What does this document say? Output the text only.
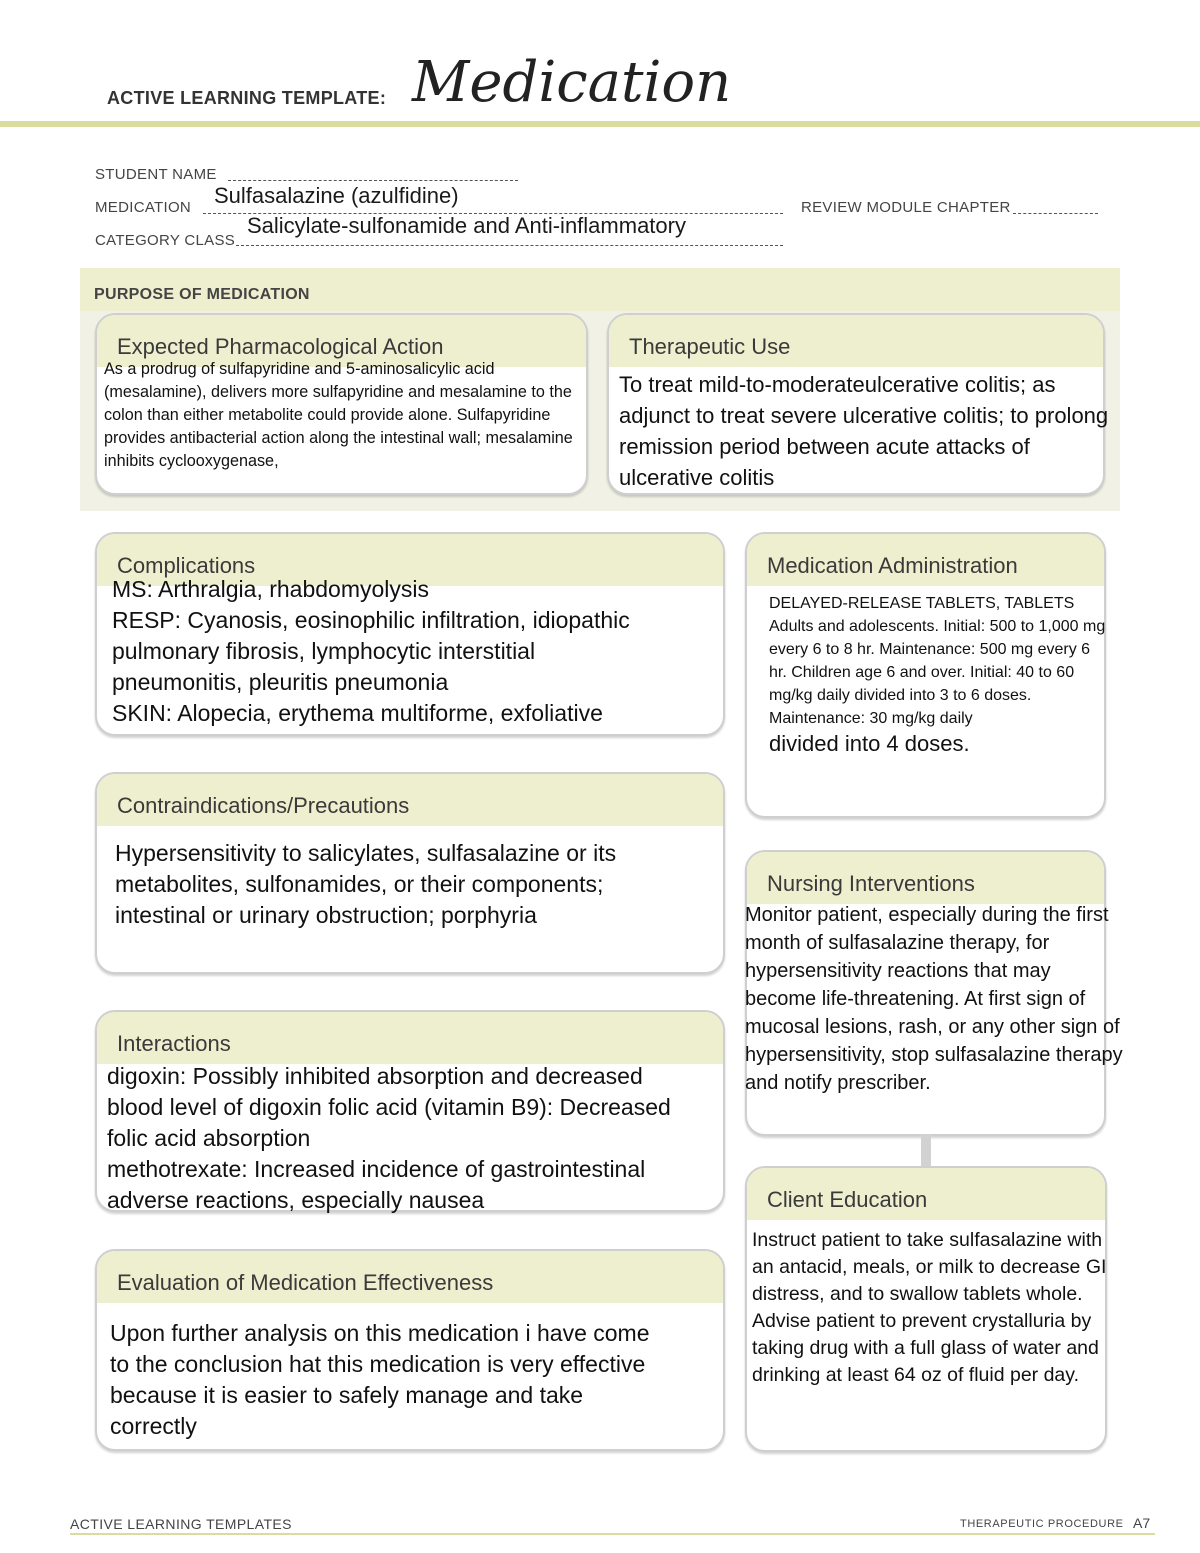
ACTIVE LEARNING TEMPLATE: Medication
STUDENT NAME
MEDICATION Sulfasalazine (azulfidine)	REVIEW MODULE CHAPTER
CATEGORY CLASS
Salicylate-sulfonamide and Anti-inflammatory
PURPOSE OF MEDICATION
Expected Pharmacological Action
As a prodrug of sulfapyridine and 5-aminosalicylic acid (mesalamine), delivers more sulfapyridine and mesalamine to the colon than either metabolite could provide alone. Sulfapyridine provides antibacterial action along the intestinal wall; mesalamine inhibits cyclooxygenase,
Therapeutic Use
To treat mild-to-moderateulcerative colitis; as adjunct to treat severe ulcerative colitis; to prolong remission period between acute attacks of ulcerative colitis
Complications
MS: Arthralgia, rhabdomyolysis
RESP: Cyanosis, eosinophilic infiltration, idiopathic
pulmonary fibrosis, lymphocytic interstitial
pneumonitis, pleuritis pneumonia
SKIN: Alopecia, erythema multiforme, exfoliative
Medication Administration
DELAYED-RELEASE TABLETS, TABLETS Adults and adolescents. Initial: 500 to 1,000 mg every 6 to 8 hr. Maintenance: 500 mg every 6 hr. Children age 6 and over. Initial: 40 to 60 mg/kg daily divided into 3 to 6 doses. Maintenance: 30 mg/kg daily
divided into 4 doses.
Contraindications/Precautions
Hypersensitivity to salicylates, sulfasalazine or its metabolites, sulfonamides, or their components; intestinal or urinary obstruction; porphyria
Nursing Interventions
Monitor patient, especially during the first month of sulfasalazine therapy, for hypersensitivity reactions that may become life-threatening. At first sign of mucosal lesions, rash, or any other sign of hypersensitivity, stop sulfasalazine therapy and notify prescriber.
Interactions
digoxin: Possibly inhibited absorption and decreased
blood level of digoxin folic acid (vitamin B9): Decreased
folic acid absorption
methotrexate: Increased incidence of gastrointestinal
adverse reactions, especially nausea	Client Education
Instruct patient to take sulfasalazine with an antacid, meals, or milk to decrease GI distress, and to swallow tablets whole.
Advise patient to prevent crystalluria by taking drug with a full glass of water and drinking at least 64 oz of fluid per day.
Evaluation of Medication Effectiveness
Upon further analysis on this medication i have come to the conclusion hat this medication is very effective because it is easier to safely manage and take correctly
ACTIVE LEARNING TEMPLATES	THERAPEUTIC PROCEDURE A7
